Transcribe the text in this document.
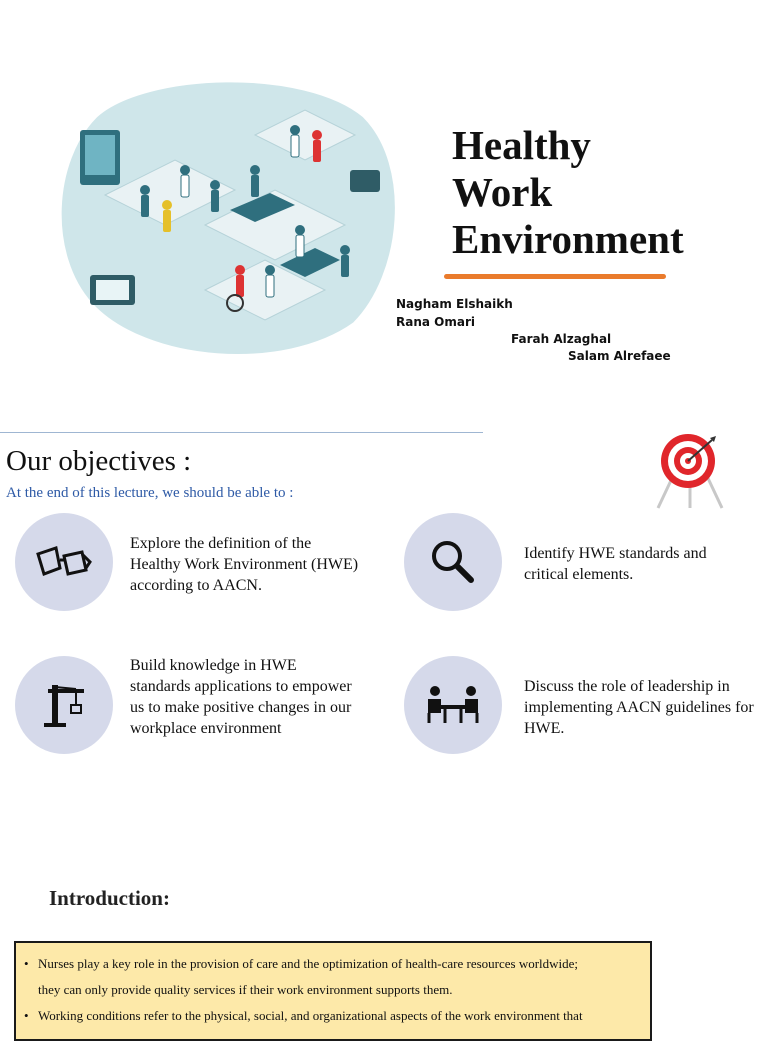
Healthy
Work
Environment
Nagham Elshaikh
Rana Omari
Farah Alzaghal
Salam Alrefaee
Our objectives :
At the end of this lecture, we should be able to :
Explore the definition of the Healthy Work Environment (HWE) according to AACN.
Identify HWE standards and critical elements.
Build knowledge in HWE standards applications to empower us to make positive changes in our workplace environment
Discuss the role of leadership in implementing AACN guidelines for HWE.
Introduction:
• Nurses play a key role in the provision of care and the optimization of health-care resources worldwide;
they can only provide quality services if their work environment supports them.
• Working conditions refer to the physical, social, and organizational aspects of the work environment that
